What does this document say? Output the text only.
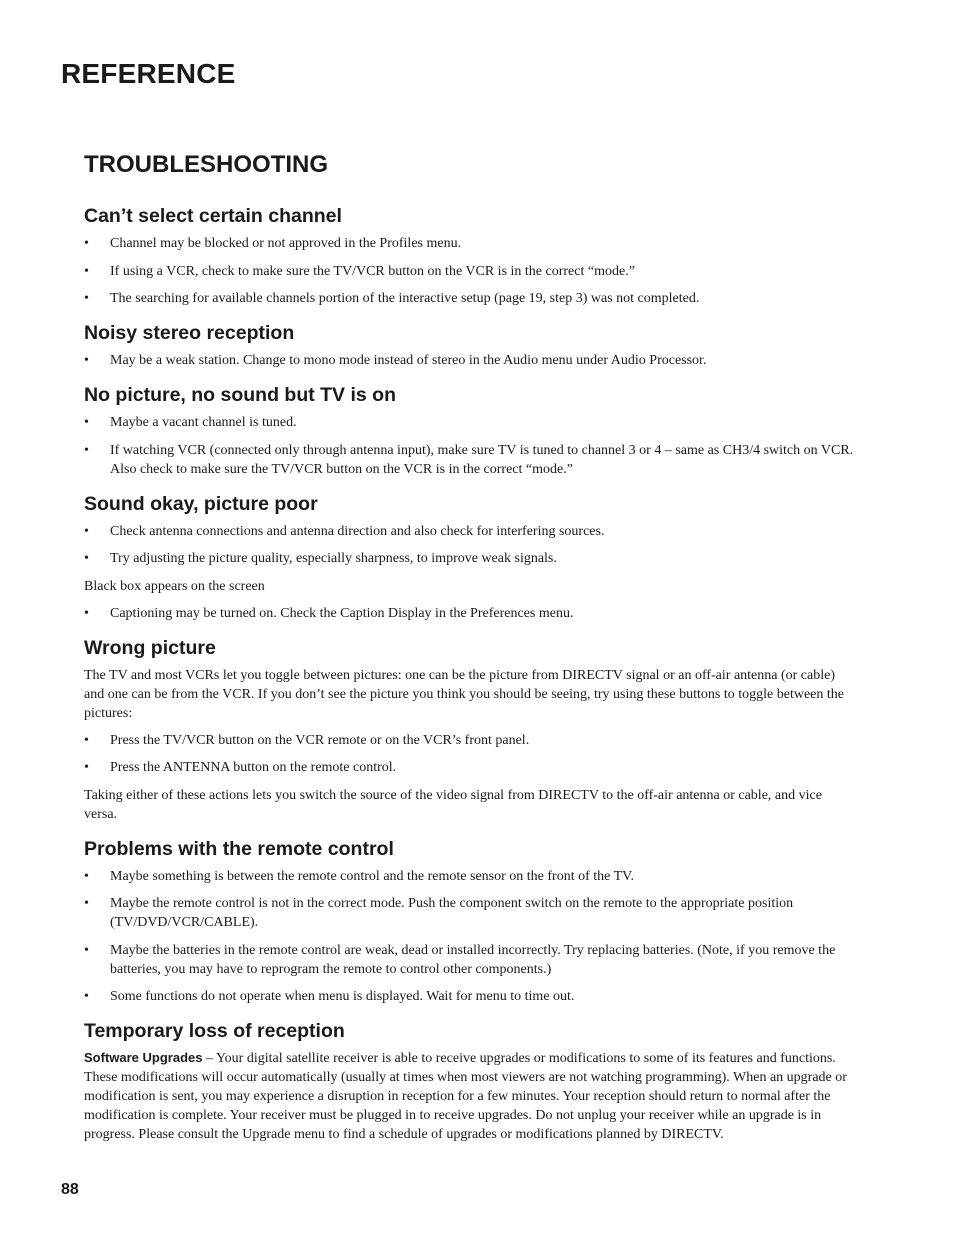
REFERENCE
TROUBLESHOOTING
Can’t select certain channel
• Channel may be blocked or not approved in the Profiles menu.
• If using a VCR, check to make sure the TV/VCR button on the VCR is in the correct “mode.”
• The searching for available channels portion of the interactive setup (page 19, step 3) was not completed.
Noisy stereo reception
• May be a weak station. Change to mono mode instead of stereo in the Audio menu under Audio Processor.
No picture, no sound but TV is on
• Maybe a vacant channel is tuned.
• If watching VCR (connected only through antenna input), make sure TV is tuned to channel 3 or 4 – same as CH3/4 switch on VCR. Also check to make sure the TV/VCR button on the VCR is in the correct “mode.”
Sound okay, picture poor
• Check antenna connections and antenna direction and also check for interfering sources.
• Try adjusting the picture quality, especially sharpness, to improve weak signals.

Black box appears on the screen

• Captioning may be turned on. Check the Caption Display in the Preferences menu.
Wrong picture

The TV and most VCRs let you toggle between pictures: one can be the picture from DIRECTV signal or an off-air antenna (or cable) and one can be from the VCR. If you don’t see the picture you think you should be seeing, try using these buttons to toggle between the pictures:

• Press the TV/VCR button on the VCR remote or on the VCR’s front panel.
• Press the ANTENNA button on the remote control.

Taking either of these actions lets you switch the source of the video signal from DIRECTV to the off-air antenna or cable, and vice versa.

Problems with the remote control
• Maybe something is between the remote control and the remote sensor on the front of the TV.
• Maybe the remote control is not in the correct mode. Push the component switch on the remote to the appropriate position (TV/DVD/VCR/CABLE).
• Maybe the batteries in the remote control are weak, dead or installed incorrectly. Try replacing batteries. (Note, if you remove the batteries, you may have to reprogram the remote to control other components.)
• Some functions do not operate when menu is displayed. Wait for menu to time out.
Temporary loss of reception

Software Upgrades – Your digital satellite receiver is able to receive upgrades or modifications to some of its features and functions. These modifications will occur automatically (usually at times when most viewers are not watching programming). When an upgrade or modification is sent, you may experience a disruption in reception for a few minutes. Your reception should return to normal after the modification is complete. Your receiver must be plugged in to receive upgrades. Do not unplug your receiver while an upgrade is in progress. Please consult the Upgrade menu to find a schedule of upgrades or modifications planned by DIRECTV.

88
